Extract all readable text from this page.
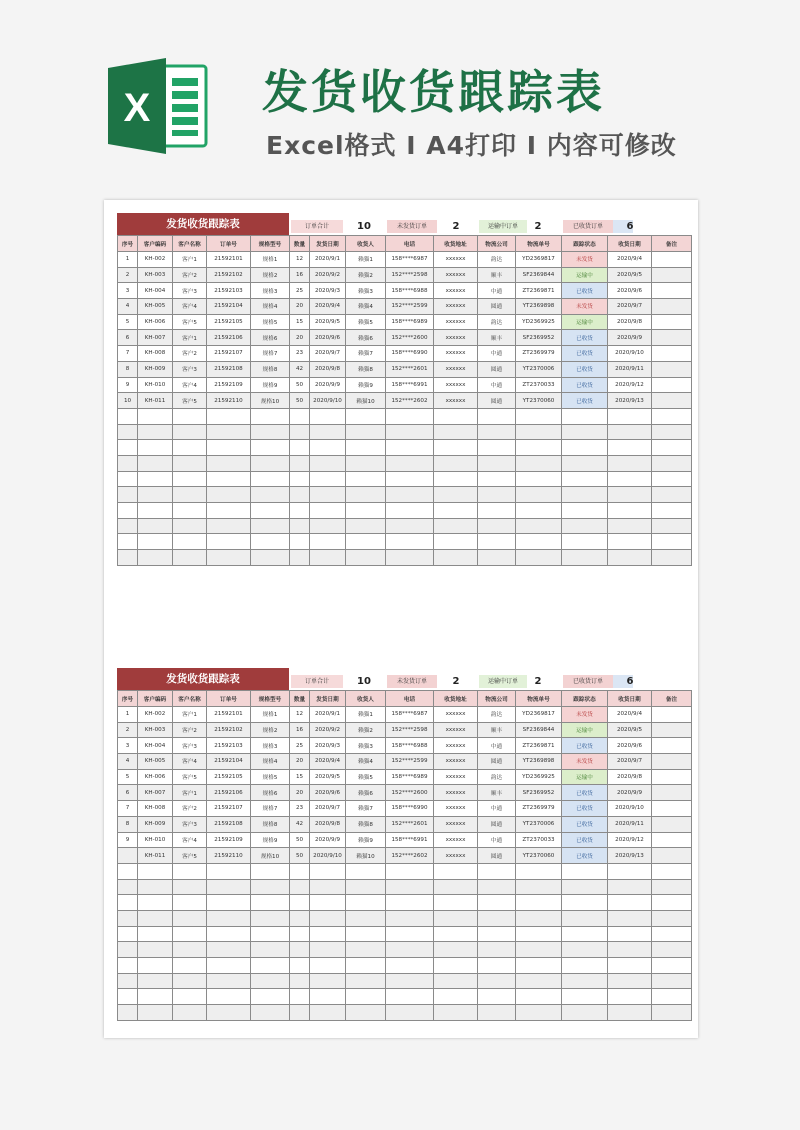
X 发货收货跟踪表
Excel格式 I A4打印 I 内容可修改
发货收货跟踪表	订单合计	10	未发货订单	2	运输中订单	2	已收货订单	6
序号	客户编码	客户名称	订单号	规格型号	数量	发货日期	收货人	电话	收货地址	物流公司	物流单号	跟踪状态	收货日期	备注
1	KH-002	客户1	21592101	规格1	12	2020/9/1	赖猫1	158****6987	xxxxxx	韵达	YD2369817	未发货	2020/9/4	
2	KH-003	客户2	21592102	规格2	16	2020/9/2	赖猫2	152****2598	xxxxxx	顺丰	SF2369844	运输中	2020/9/5	
3	KH-004	客户3	21592103	规格3	25	2020/9/3	赖猫3	158****6988	xxxxxx	中通	ZT2369871	已收货	2020/9/6	
4	KH-005	客户4	21592104	规格4	20	2020/9/4	赖猫4	152****2599	xxxxxx	圆通	YT2369898	未发货	2020/9/7	
5	KH-006	客户5	21592105	规格5	15	2020/9/5	赖猫5	158****6989	xxxxxx	韵达	YD2369925	运输中	2020/9/8	
6	KH-007	客户1	21592106	规格6	20	2020/9/6	赖猫6	152****2600	xxxxxx	顺丰	SF2369952	已收货	2020/9/9	
7	KH-008	客户2	21592107	规格7	23	2020/9/7	赖猫7	158****6990	xxxxxx	中通	ZT2369979	已收货	2020/9/10	
8	KH-009	客户3	21592108	规格8	42	2020/9/8	赖猫8	152****2601	xxxxxx	圆通	YT2370006	已收货	2020/9/11	
9	KH-010	客户4	21592109	规格9	50	2020/9/9	赖猫9	158****6991	xxxxxx	中通	ZT2370033	已收货	2020/9/12	
10	KH-011	客户5	21592110	规格10	50	2020/9/10	赖猫10	152****2602	xxxxxx	圆通	YT2370060	已收货	2020/9/13	

发货收货跟踪表	订单合计	10	未发货订单	2	运输中订单	2	已收货订单	6
序号	客户编码	客户名称	订单号	规格型号	数量	发货日期	收货人	电话	收货地址	物流公司	物流单号	跟踪状态	收货日期	备注
1	KH-002	客户1	21592101	规格1	12	2020/9/1	赖猫1	158****6987	xxxxxx	韵达	YD2369817	未发货	2020/9/4	
2	KH-003	客户2	21592102	规格2	16	2020/9/2	赖猫2	152****2598	xxxxxx	顺丰	SF2369844	运输中	2020/9/5	
3	KH-004	客户3	21592103	规格3	25	2020/9/3	赖猫3	158****6988	xxxxxx	中通	ZT2369871	已收货	2020/9/6	
4	KH-005	客户4	21592104	规格4	20	2020/9/4	赖猫4	152****2599	xxxxxx	圆通	YT2369898	未发货	2020/9/7	
5	KH-006	客户5	21592105	规格5	15	2020/9/5	赖猫5	158****6989	xxxxxx	韵达	YD2369925	运输中	2020/9/8	
6	KH-007	客户1	21592106	规格6	20	2020/9/6	赖猫6	152****2600	xxxxxx	顺丰	SF2369952	已收货	2020/9/9	
7	KH-008	客户2	21592107	规格7	23	2020/9/7	赖猫7	158****6990	xxxxxx	中通	ZT2369979	已收货	2020/9/10	
8	KH-009	客户3	21592108	规格8	42	2020/9/8	赖猫8	152****2601	xxxxxx	圆通	YT2370006	已收货	2020/9/11	
9	KH-010	客户4	21592109	规格9	50	2020/9/9	赖猫9	158****6991	xxxxxx	中通	ZT2370033	已收货	2020/9/12	
	KH-011	客户5	21592110	规格10	50	2020/9/10	赖猫10	152****2602	xxxxxx	圆通	YT2370060	已收货	2020/9/13	
